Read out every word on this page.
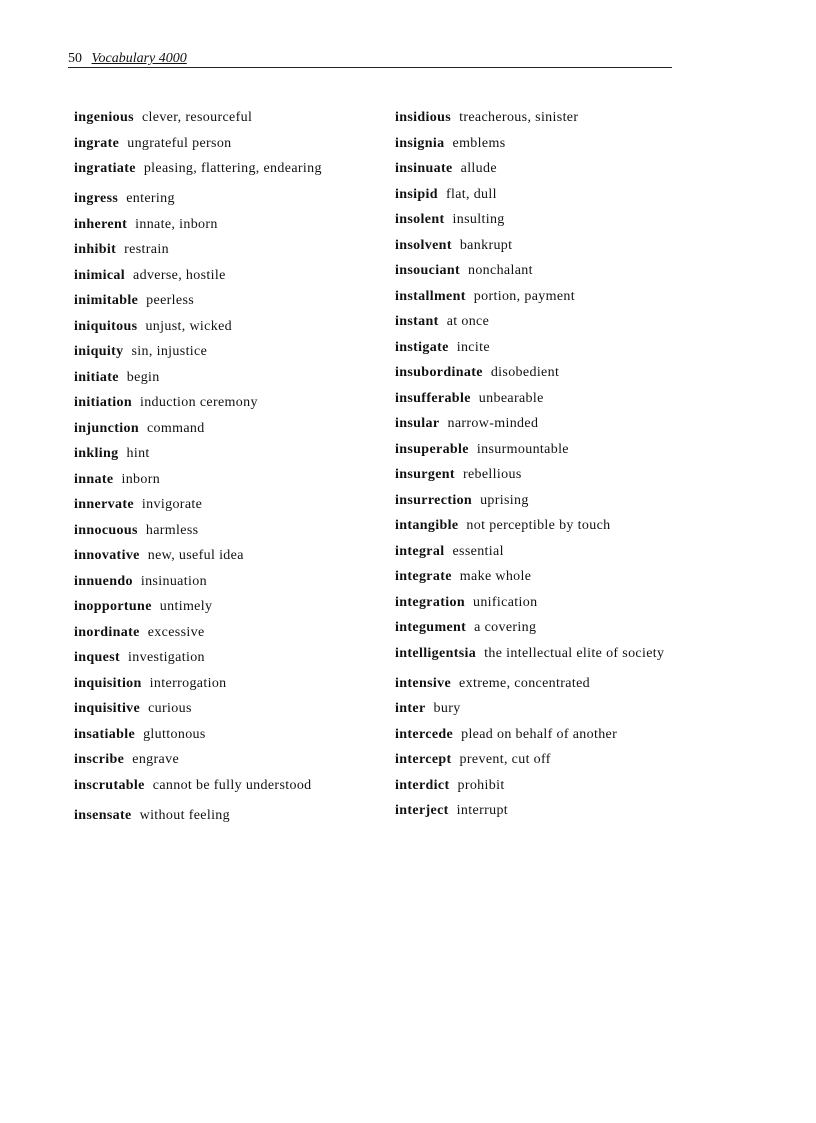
50 Vocabulary 4000
ingenious clever, resourceful
ingrate ungrateful person
ingratiate pleasing, flattering, endearing
ingress entering
inherent innate, inborn
inhibit restrain
inimical adverse, hostile
inimitable peerless
iniquitous unjust, wicked
iniquity sin, injustice
initiate begin
initiation induction ceremony
injunction command
inkling hint
innate inborn
innervate invigorate
innocuous harmless
innovative new, useful idea
innuendo insinuation
inopportune untimely
inordinate excessive
inquest investigation
inquisition interrogation
inquisitive curious
insatiable gluttonous
inscribe engrave
inscrutable cannot be fully understood
insensate without feeling
insidious treacherous, sinister
insignia emblems
insinuate allude
insipid flat, dull
insolent insulting
insolvent bankrupt
insouciant nonchalant
installment portion, payment
instant at once
instigate incite
insubordinate disobedient
insufferable unbearable
insular narrow-minded
insuperable insurmountable
insurgent rebellious
insurrection uprising
intangible not perceptible by touch
integral essential
integrate make whole
integration unification
integument a covering
intelligentsia the intellectual elite of society
intensive extreme, concentrated
inter bury
intercede plead on behalf of another
intercept prevent, cut off
interdict prohibit
interject interrupt
